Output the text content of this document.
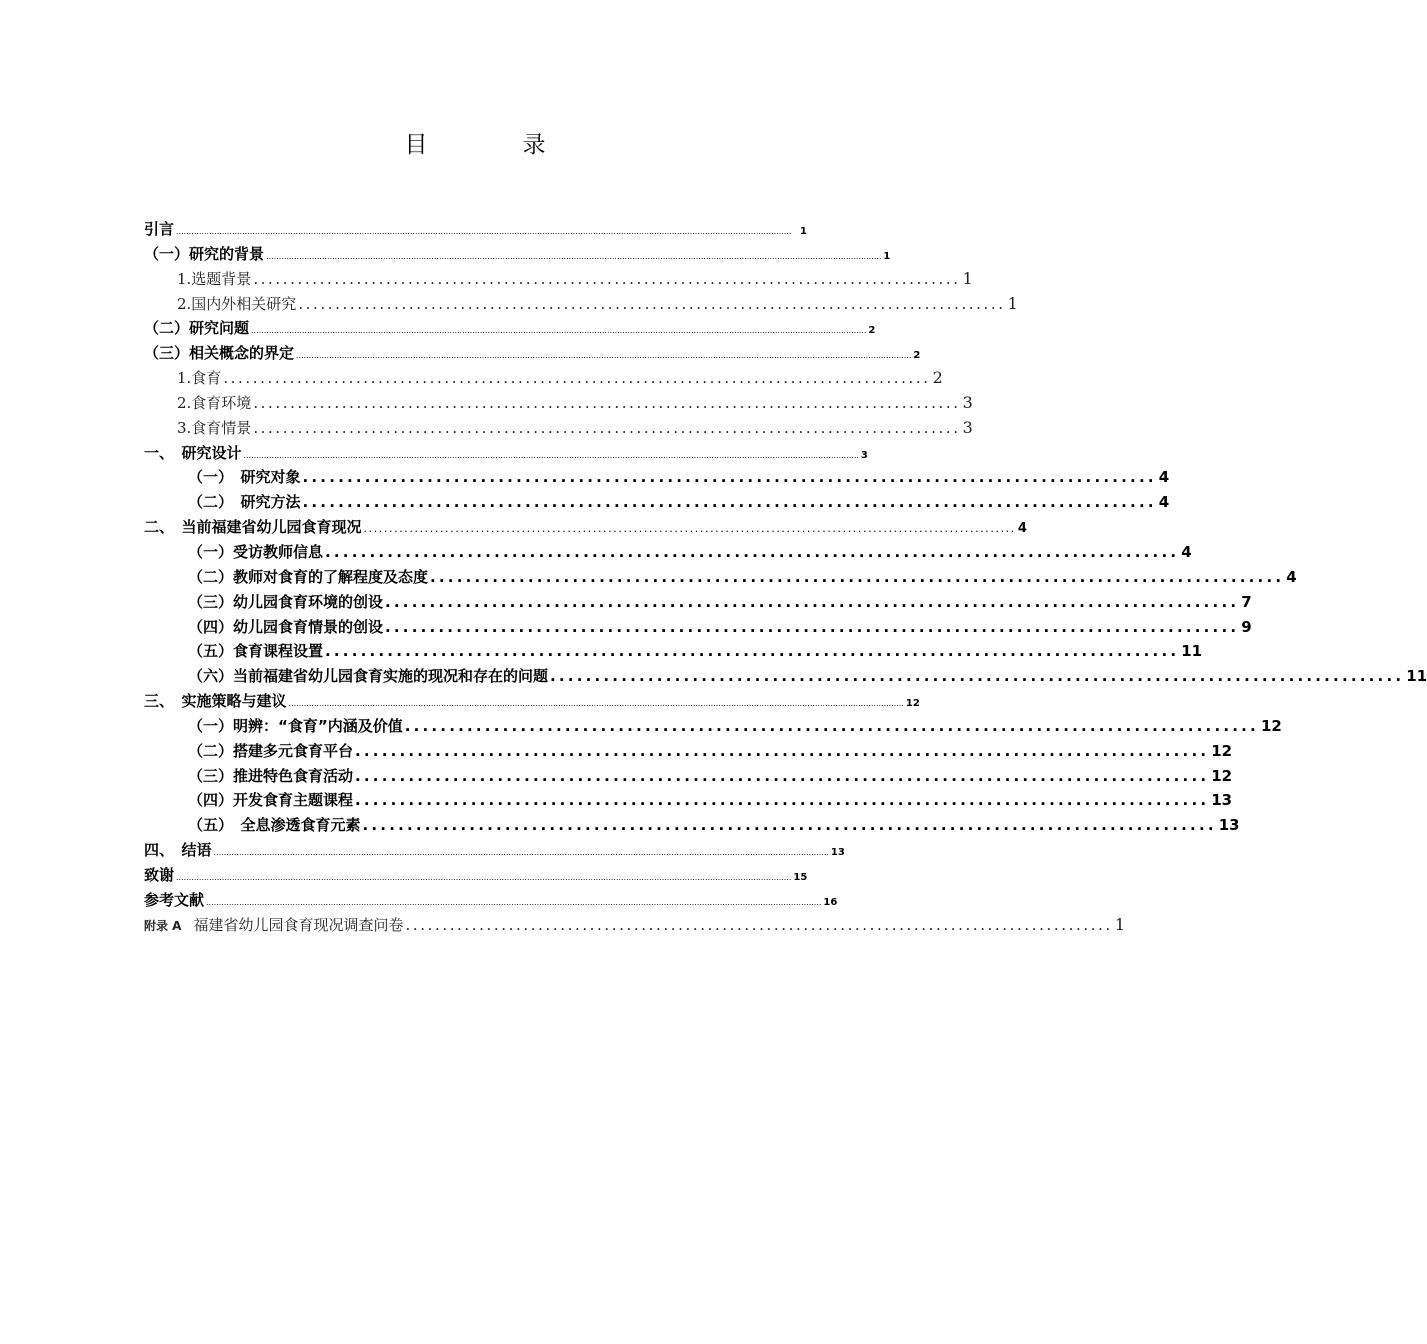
目　录
引言 .................................................................................................................................................................................................................................................. 1
（一）研究的背景 .................................................................................................................................................................................................................................................. 1
1.选题背景 ................................................................................................ 1
2.国内外相关研究 ................................................................................................ 1
（二）研究问题 .................................................................................................................................................................................................................................................. 2
（三）相关概念的界定 .................................................................................................................................................................................................................................................. 2
1.食育 ................................................................................................ 2
2.食育环境 ................................................................................................ 3
3.食育情景 ................................................................................................ 3
一、　研究设计 .................................................................................................................................................................................................................................................. 3
（一）　研究对象 ................................................................................................ 4
（二）　研究方法 ................................................................................................ 4
二、　当前福建省幼儿园食育现况 ................................................................................................................................ 4
（一）受访教师信息 ................................................................................................ 4
（二）教师对食育的了解程度及态度 ................................................................................................ 4
（三）幼儿园食育环境的创设 ................................................................................................ 7
（四）幼儿园食育情景的创设 ................................................................................................ 9
（五）食育课程设置 ................................................................................................ 11
（六）当前福建省幼儿园食育实施的现况和存在的问题 ................................................................................................ 11
三、　实施策略与建议 .................................................................................................................................................................................................................................................. 12
（一）明辨：“食育”内涵及价值 ................................................................................................ 12
（二）搭建多元食育平台 ................................................................................................ 12
（三）推进特色食育活动 ................................................................................................ 12
（四）开发食育主题课程 ................................................................................................ 13
（五）　全息渗透食育元素 ................................................................................................ 13
四、　结语 .................................................................................................................................................................................................................................................. 13
致谢 .................................................................................................................................................................................................................................................. 15
参考文献 .................................................................................................................................................................................................................................................. 16
附录 A 福建省幼儿园食育现况调查问卷 ................................................................................................ 1
